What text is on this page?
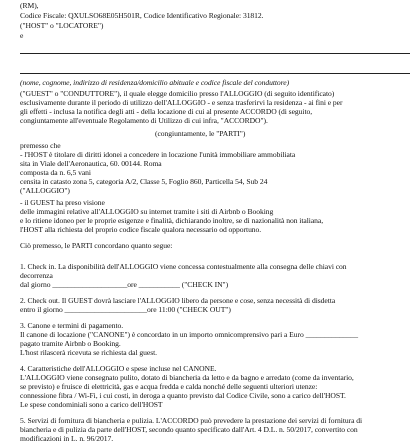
(RM),
Codice Fiscale: QXULSO68E05H501R, Codice Identificativo Regionale: 31812.
("HOST" o "LOCATORE")
e
(nome, cognome, indirizzo di residenza/domicilio abituale e codice fiscale del conduttore)
("GUEST" o "CONDUTTORE"), il quale elegge domicilio presso l'ALLOGGIO (di seguito identificato)
esclusivamente durante il periodo di utilizzo dell'ALLOGGIO - e senza trasferirvi la residenza - ai fini e per
gli effetti - inclusa la notifica degli atti - della locazione di cui al presente ACCORDO (di seguito,
congiuntamente all'eventuale Regolamento di Utilizzo di cui infra, "ACCORDO").
(congiuntamente, le "PARTI")
premesso che
- l'HOST è titolare di diritti idonei a concedere in locazione l'unità immobiliare ammobiliata
sita in Viale dell'Aeronautica, 60. 00144. Roma
composta da n. 6,5 vani
censita in catasto zona 5, categoria A/2, Classe 5, Foglio 860, Particella 54, Sub 24
("ALLOGGIO")
- il GUEST ha preso visione
delle immagini relative all'ALLOGGIO su internet tramite i siti di Airbnb o Booking
e lo ritiene idoneo per le proprie esigenze e finalità, dichiarando inoltre, se di nazionalità non italiana,
l'HOST alla richiesta del proprio codice fiscale qualora necessario od opportuno.
Ciò premesso, le PARTI concordano quanto segue:
1. Check in. La disponibilità dell'ALLOGGIO viene concessa contestualmente alla consegna delle chiavi con
decorrenza
dal giorno ____________________ore ___________ ("CHECK IN")
2. Check out. Il GUEST dovrà lasciare l'ALLOGGIO libero da persone e cose, senza necessità di disdetta
entro il giorno ______________________ore 11:00 ("CHECK OUT")
3. Canone e termini di pagamento.
Il canone di locazione ("CANONE") è concordato in un importo omnicomprensivo pari a Euro ______________
pagato tramite Airbnb o Booking.
L'host rilascerà ricevuta se richiesta dal guest.
4. Caratteristiche dell'ALLOGGIO e spese incluse nel CANONE.
L'ALLOGGIO viene consegnato pulito, dotato di biancheria da letto e da bagno e arredato (come da inventario,
se previsto) e fruisce di elettricità, gas e acqua fredda e calda nonché delle seguenti ulteriori utenze:
connessione fibra / Wi-Fi, i cui costi, in deroga a quanto previsto dal Codice Civile, sono a carico dell'HOST.
Le spese condominiali sono a carico dell'HOST
5. Servizi di fornitura di biancheria e pulizia. L'ACCORDO può prevedere la prestazione dei servizi di fornitura di
biancheria e di pulizia da parte dell'HOST, secondo quanto specificato dall'Art. 4 D.L. n. 50/2017, convertito con
modificazioni in L. n. 96/2017.
